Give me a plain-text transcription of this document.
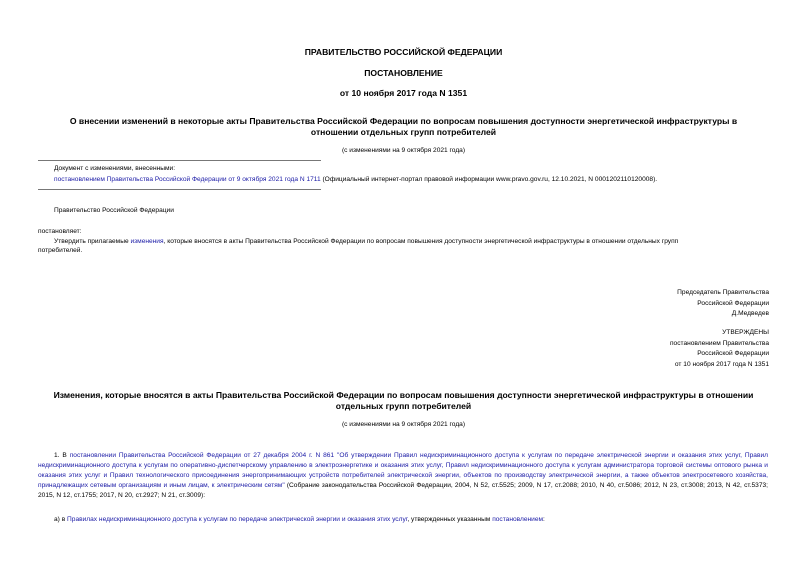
ПРАВИТЕЛЬСТВО РОССИЙСКОЙ ФЕДЕРАЦИИ
ПОСТАНОВЛЕНИЕ
от 10 ноября 2017 года N 1351
О внесении изменений в некоторые акты Правительства Российской Федерации по вопросам повышения доступности энергетической инфраструктуры в
отношении отдельных групп потребителей
(с изменениями на 9 октября 2021 года)
Документ с изменениями, внесенными:
постановлением Правительства Российской Федерации от 9 октября 2021 года N 1711 (Официальный интернет-портал правовой информации www.pravo.gov.ru, 12.10.2021, N 0001202110120008).
Правительство Российской Федерации
постановляет:
Утвердить прилагаемые изменения, которые вносятся в акты Правительства Российской Федерации по вопросам повышения доступности энергетической инфраструктуры в отношении отдельных групп
потребителей.
Председатель Правительства
Российской Федерации
Д.Медведев
УТВЕРЖДЕНЫ
постановлением Правительства
Российской Федерации
от 10 ноября 2017 года N 1351
Изменения, которые вносятся в акты Правительства Российской Федерации по вопросам повышения доступности энергетической инфраструктуры в отношении
отдельных групп потребителей
(с изменениями на 9 октября 2021 года)
1. В постановлении Правительства Российской Федерации от 27 декабря 2004 г. N 861 "Об утверждении Правил недискриминационного доступа к услугам по передаче электрической энергии и оказания этих услуг, Правил недискриминационного доступа к услугам по оперативно-диспетчерскому управлению в электроэнергетике и оказания этих услуг, Правил недискриминационного доступа к услугам администратора торговой системы оптового рынка и оказания этих услуг и Правил технологического присоединения энергопринимающих устройств потребителей электрической энергии, объектов по производству электрической энергии, а также объектов электросетевого хозяйства, принадлежащих сетевым организациям и иным лицам, к электрическим сетям" (Собрание законодательства Российской Федерации, 2004, N 52, ст.5525; 2009, N 17, ст.2088; 2010, N 40, ст.5086; 2012, N 23, ст.3008; 2013, N 42, ст.5373; 2015, N 12, ст.1755; 2017, N 20, ст.2927; N 21, ст.3009):
а) в Правилах недискриминационного доступа к услугам по передаче электрической энергии и оказания этих услуг, утвержденных указанным постановлением:
